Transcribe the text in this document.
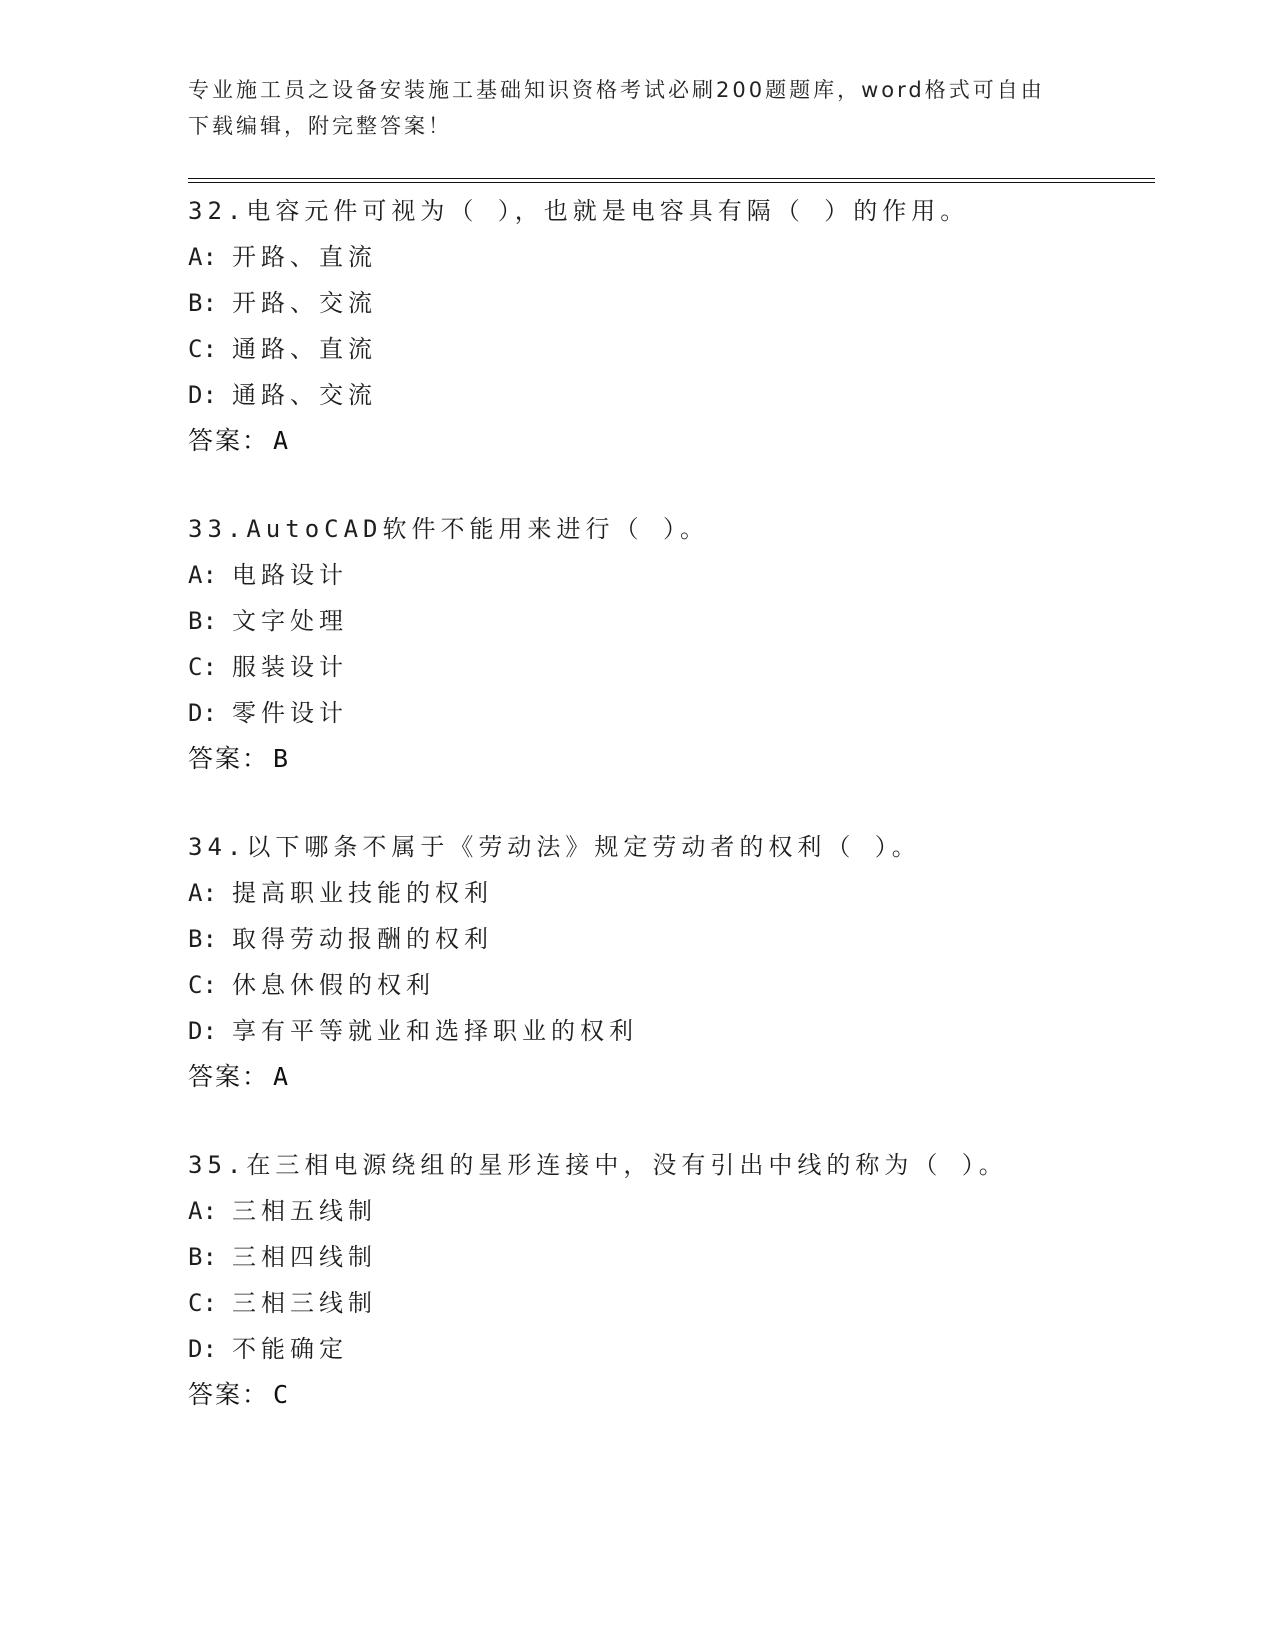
专业施工员之设备安装施工基础知识资格考试必刷200题题库，word格式可自由
下载编辑，附完整答案！
32.电容元件可视为（ ），也就是电容具有隔（ ）的作用。
A: 开路、直流
B: 开路、交流
C: 通路、直流
D: 通路、交流
答案： A
33.AutoCAD软件不能用来进行（ ）。
A: 电路设计
B: 文字处理
C: 服装设计
D: 零件设计
答案： B
34.以下哪条不属于《劳动法》规定劳动者的权利（ ）。
A: 提高职业技能的权利
B: 取得劳动报酬的权利
C: 休息休假的权利
D: 享有平等就业和选择职业的权利
答案： A
35.在三相电源绕组的星形连接中，没有引出中线的称为（ ）。
A: 三相五线制
B: 三相四线制
C: 三相三线制
D: 不能确定
答案： C
